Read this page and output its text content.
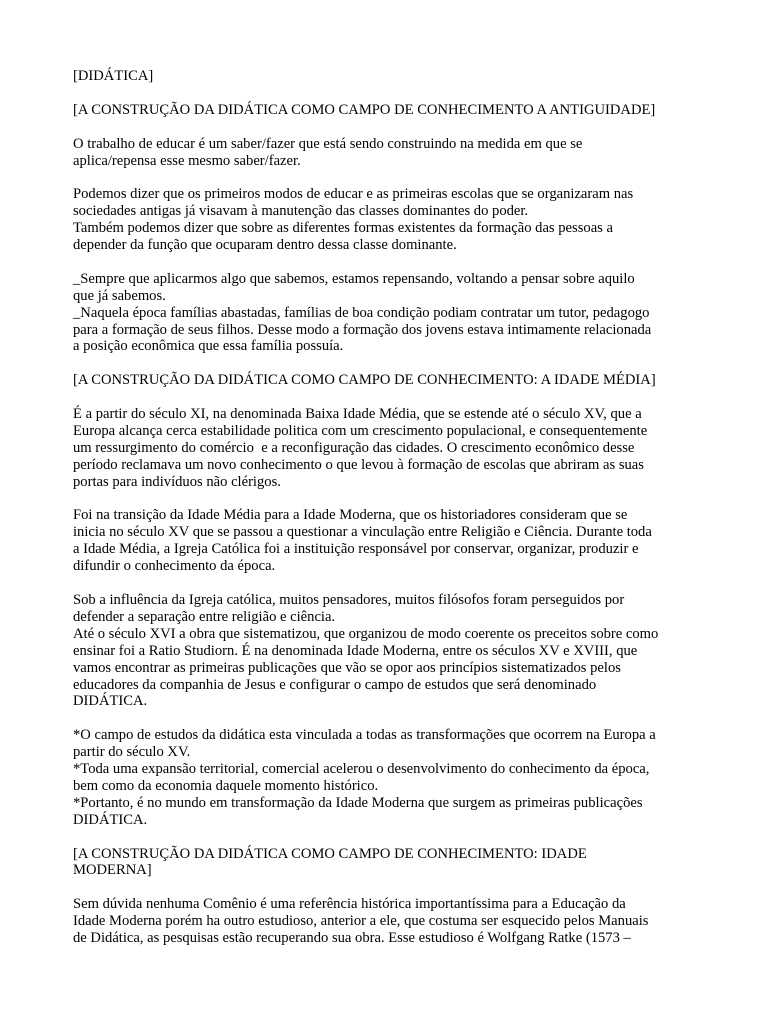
[DIDÁTICA]

[A CONSTRUÇÃO DA DIDÁTICA COMO CAMPO DE CONHECIMENTO A ANTIGUIDADE]

O trabalho de educar é um saber/fazer que está sendo construindo na medida em que se
aplica/repensa esse mesmo saber/fazer.

Podemos dizer que os primeiros modos de educar e as primeiras escolas que se organizaram nas
sociedades antigas já visavam à manutenção das classes dominantes do poder.
Também podemos dizer que sobre as diferentes formas existentes da formação das pessoas a
depender da função que ocuparam dentro dessa classe dominante.

_Sempre que aplicarmos algo que sabemos, estamos repensando, voltando a pensar sobre aquilo
que já sabemos.
_Naquela época famílias abastadas, famílias de boa condição podiam contratar um tutor, pedagogo
para a formação de seus filhos. Desse modo a formação dos jovens estava intimamente relacionada
a posição econômica que essa família possuía.

[A CONSTRUÇÃO DA DIDÁTICA COMO CAMPO DE CONHECIMENTO: A IDADE MÉDIA]

É a partir do século XI, na denominada Baixa Idade Média, que se estende até o século XV, que a
Europa alcança cerca estabilidade politica com um crescimento populacional, e consequentemente
um ressurgimento do comércio  e a reconfiguração das cidades. O crescimento econômico desse
período reclamava um novo conhecimento o que levou à formação de escolas que abriram as suas
portas para indivíduos não clérigos.

Foi na transição da Idade Média para a Idade Moderna, que os historiadores consideram que se
inicia no século XV que se passou a questionar a vinculação entre Religião e Ciência. Durante toda
a Idade Média, a Igreja Católica foi a instituição responsável por conservar, organizar, produzir e
difundir o conhecimento da época.

Sob a influência da Igreja católica, muitos pensadores, muitos filósofos foram perseguidos por
defender a separação entre religião e ciência.
Até o século XVI a obra que sistematizou, que organizou de modo coerente os preceitos sobre como
ensinar foi a Ratio Studiorn. É na denominada Idade Moderna, entre os séculos XV e XVIII, que
vamos encontrar as primeiras publicações que vão se opor aos princípios sistematizados pelos
educadores da companhia de Jesus e configurar o campo de estudos que será denominado
DIDÁTICA.

*O campo de estudos da didática esta vinculada a todas as transformações que ocorrem na Europa a
partir do século XV.
*Toda uma expansão territorial, comercial acelerou o desenvolvimento do conhecimento da época,
bem como da economia daquele momento histórico.
*Portanto, é no mundo em transformação da Idade Moderna que surgem as primeiras publicações
DIDÁTICA.

[A CONSTRUÇÃO DA DIDÁTICA COMO CAMPO DE CONHECIMENTO: IDADE
MODERNA]

Sem dúvida nenhuma Comênio é uma referência histórica importantíssima para a Educação da
Idade Moderna porém ha outro estudioso, anterior a ele, que costuma ser esquecido pelos Manuais
de Didática, as pesquisas estão recuperando sua obra. Esse estudioso é Wolfgang Ratke (1573 –
